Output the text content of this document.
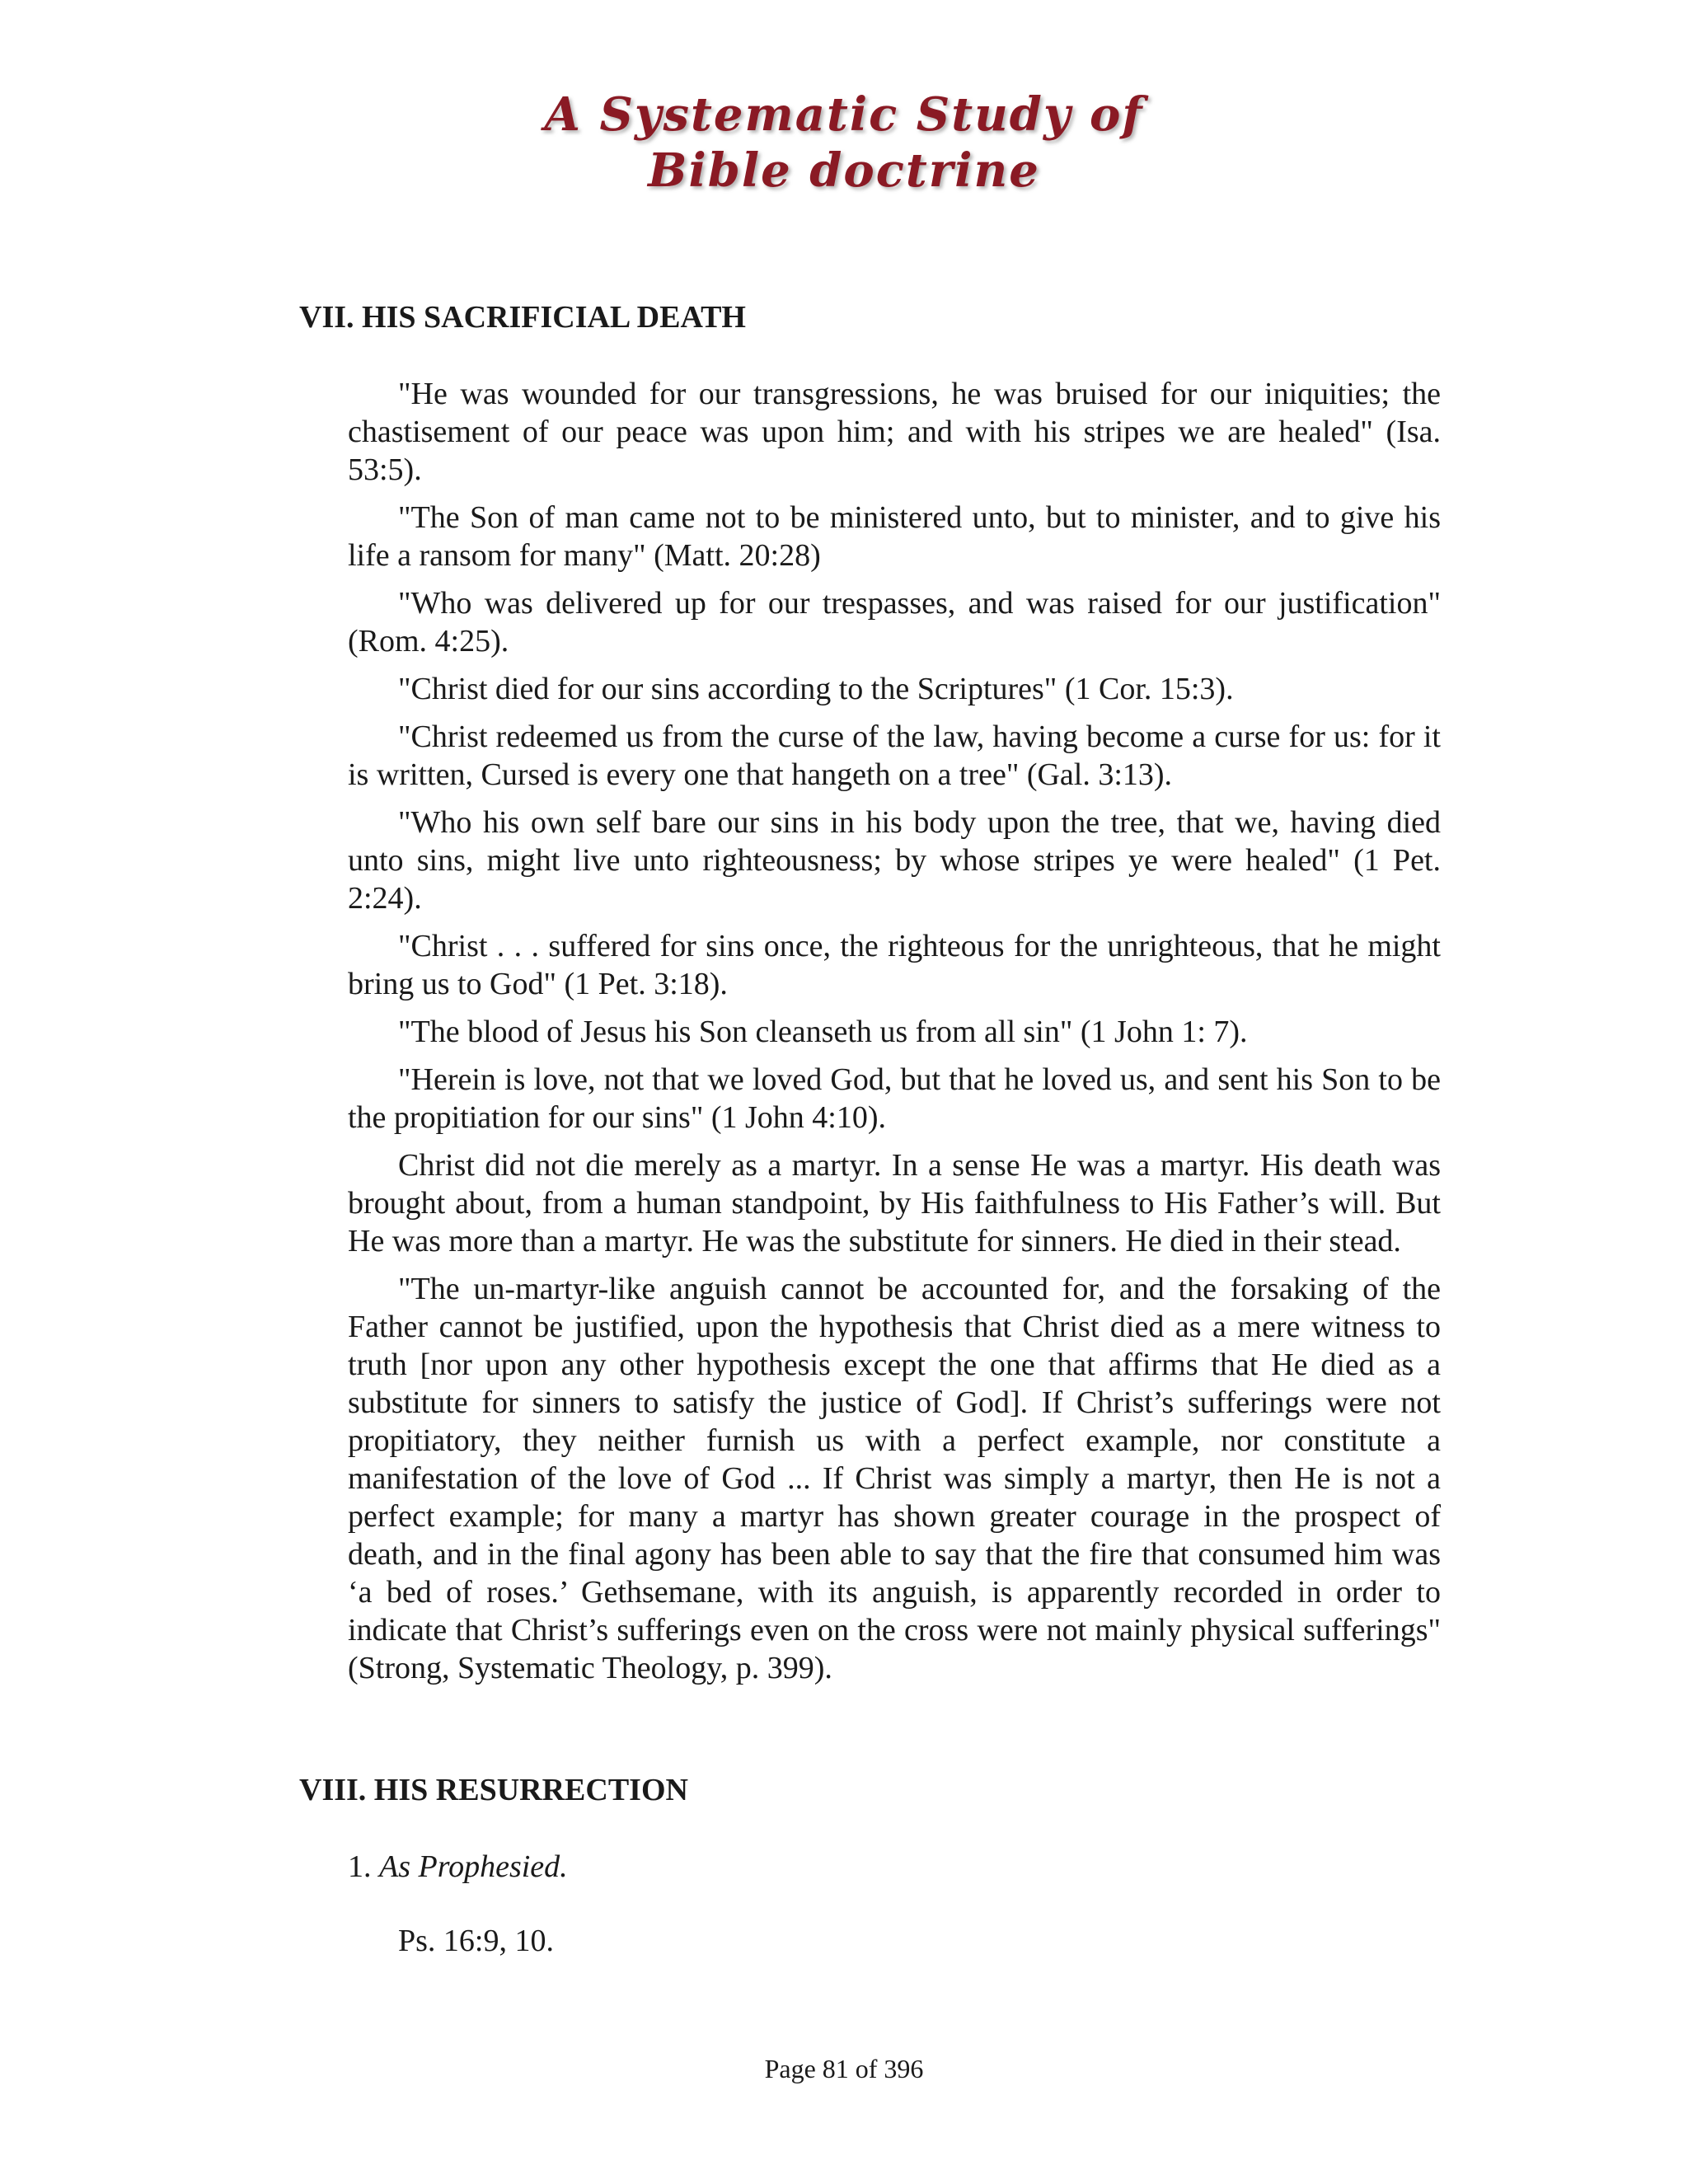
A Systematic Study of
Bible doctrine
VII. HIS SACRIFICIAL DEATH

"He was wounded for our transgressions, he was bruised for our iniquities; the chastisement of our peace was upon him; and with his stripes we are healed" (Isa. 53:5).

"The Son of man came not to be ministered unto, but to minister, and to give his life a ransom for many" (Matt. 20:28)

"Who was delivered up for our trespasses, and was raised for our justification" (Rom. 4:25).

"Christ died for our sins according to the Scriptures" (1 Cor. 15:3).

"Christ redeemed us from the curse of the law, having become a curse for us: for it is written, Cursed is every one that hangeth on a tree" (Gal. 3:13).

"Who his own self bare our sins in his body upon the tree, that we, having died unto sins, might live unto righteousness; by whose stripes ye were healed" (1 Pet. 2:24).

"Christ . . . suffered for sins once, the righteous for the unrighteous, that he might bring us to God" (1 Pet. 3:18).

"The blood of Jesus his Son cleanseth us from all sin" (1 John 1: 7).

"Herein is love, not that we loved God, but that he loved us, and sent his Son to be the propitiation for our sins" (1 John 4:10).

Christ did not die merely as a martyr. In a sense He was a martyr. His death was brought about, from a human standpoint, by His faithfulness to His Father’s will. But He was more than a martyr. He was the substitute for sinners. He died in their stead.

"The un-martyr-like anguish cannot be accounted for, and the forsaking of the Father cannot be justified, upon the hypothesis that Christ died as a mere witness to truth [nor upon any other hypothesis except the one that affirms that He died as a substitute for sinners to satisfy the justice of God]. If Christ’s sufferings were not propitiatory, they neither furnish us with a perfect example, nor constitute a manifestation of the love of God ... If Christ was simply a martyr, then He is not a perfect example; for many a martyr has shown greater courage in the prospect of death, and in the final agony has been able to say that the fire that consumed him was ‘a bed of roses.’ Gethsemane, with its anguish, is apparently recorded in order to indicate that Christ’s sufferings even on the cross were not mainly physical sufferings" (Strong, Systematic Theology, p. 399).

VIII. HIS RESURRECTION
1. As Prophesied.
Ps. 16:9, 10.
Page 81 of 396
